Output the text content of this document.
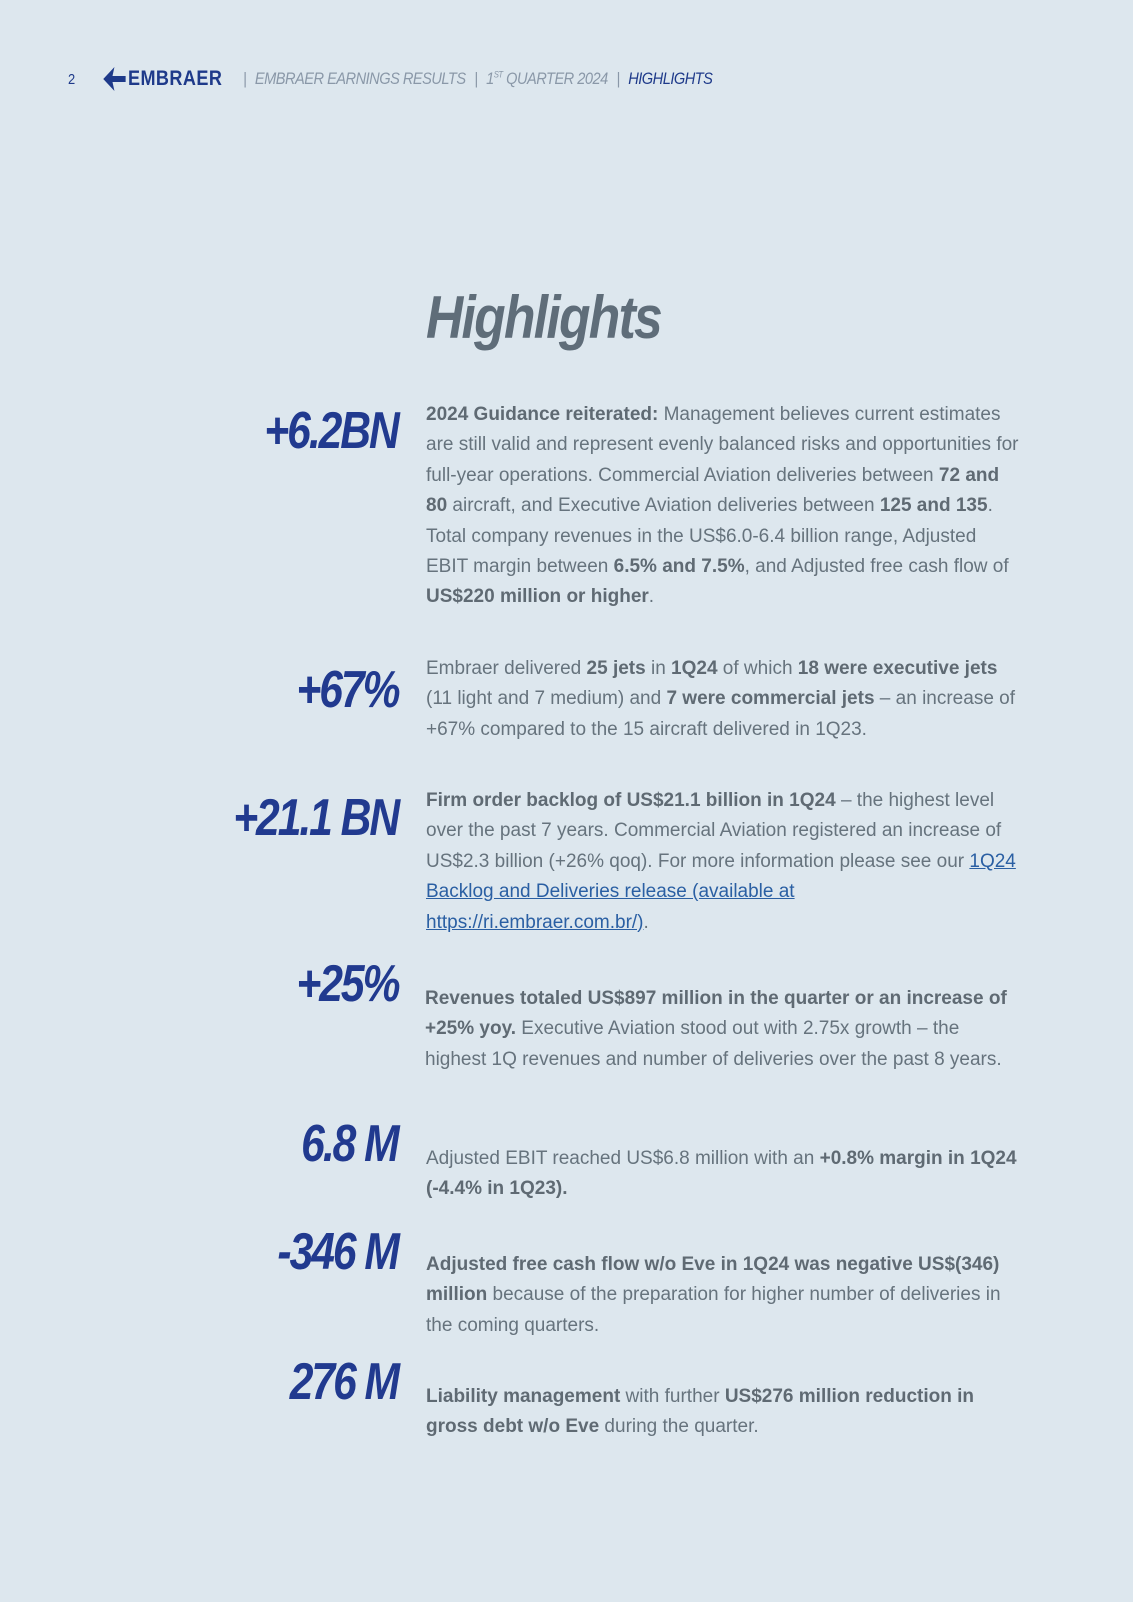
2	EMBRAER | EMBRAER EARNINGS RESULTS | 1ST QUARTER 2024 | HIGHLIGHTS
Highlights
+6.2BN 2024 Guidance reiterated: Management believes current estimates are still valid and represent evenly balanced risks and opportunities for full-year operations. Commercial Aviation deliveries between 72 and 80 aircraft, and Executive Aviation deliveries between 125 and 135. Total company revenues in the US$6.0-6.4 billion range, Adjusted EBIT margin between 6.5% and 7.5%, and Adjusted free cash flow of US$220 million or higher.

+67% Embraer delivered 25 jets in 1Q24 of which 18 were executive jets (11 light and 7 medium) and 7 were commercial jets – an increase of +67% compared to the 15 aircraft delivered in 1Q23.

+21.1 BN Firm order backlog of US$21.1 billion in 1Q24 – the highest level over the past 7 years. Commercial Aviation registered an increase of US$2.3 billion (+26% qoq). For more information please see our 1Q24 Backlog and Deliveries release (available at https://ri.embraer.com.br/).

+25% Revenues totaled US$897 million in the quarter or an increase of +25% yoy. Executive Aviation stood out with 2.75x growth – the highest 1Q revenues and number of deliveries over the past 8 years.

6.8 M Adjusted EBIT reached US$6.8 million with an +0.8% margin in 1Q24 (-4.4% in 1Q23).

-346 M Adjusted free cash flow w/o Eve in 1Q24 was negative US$(346) million because of the preparation for higher number of deliveries in the coming quarters.

276 M Liability management with further US$276 million reduction in gross debt w/o Eve during the quarter.
